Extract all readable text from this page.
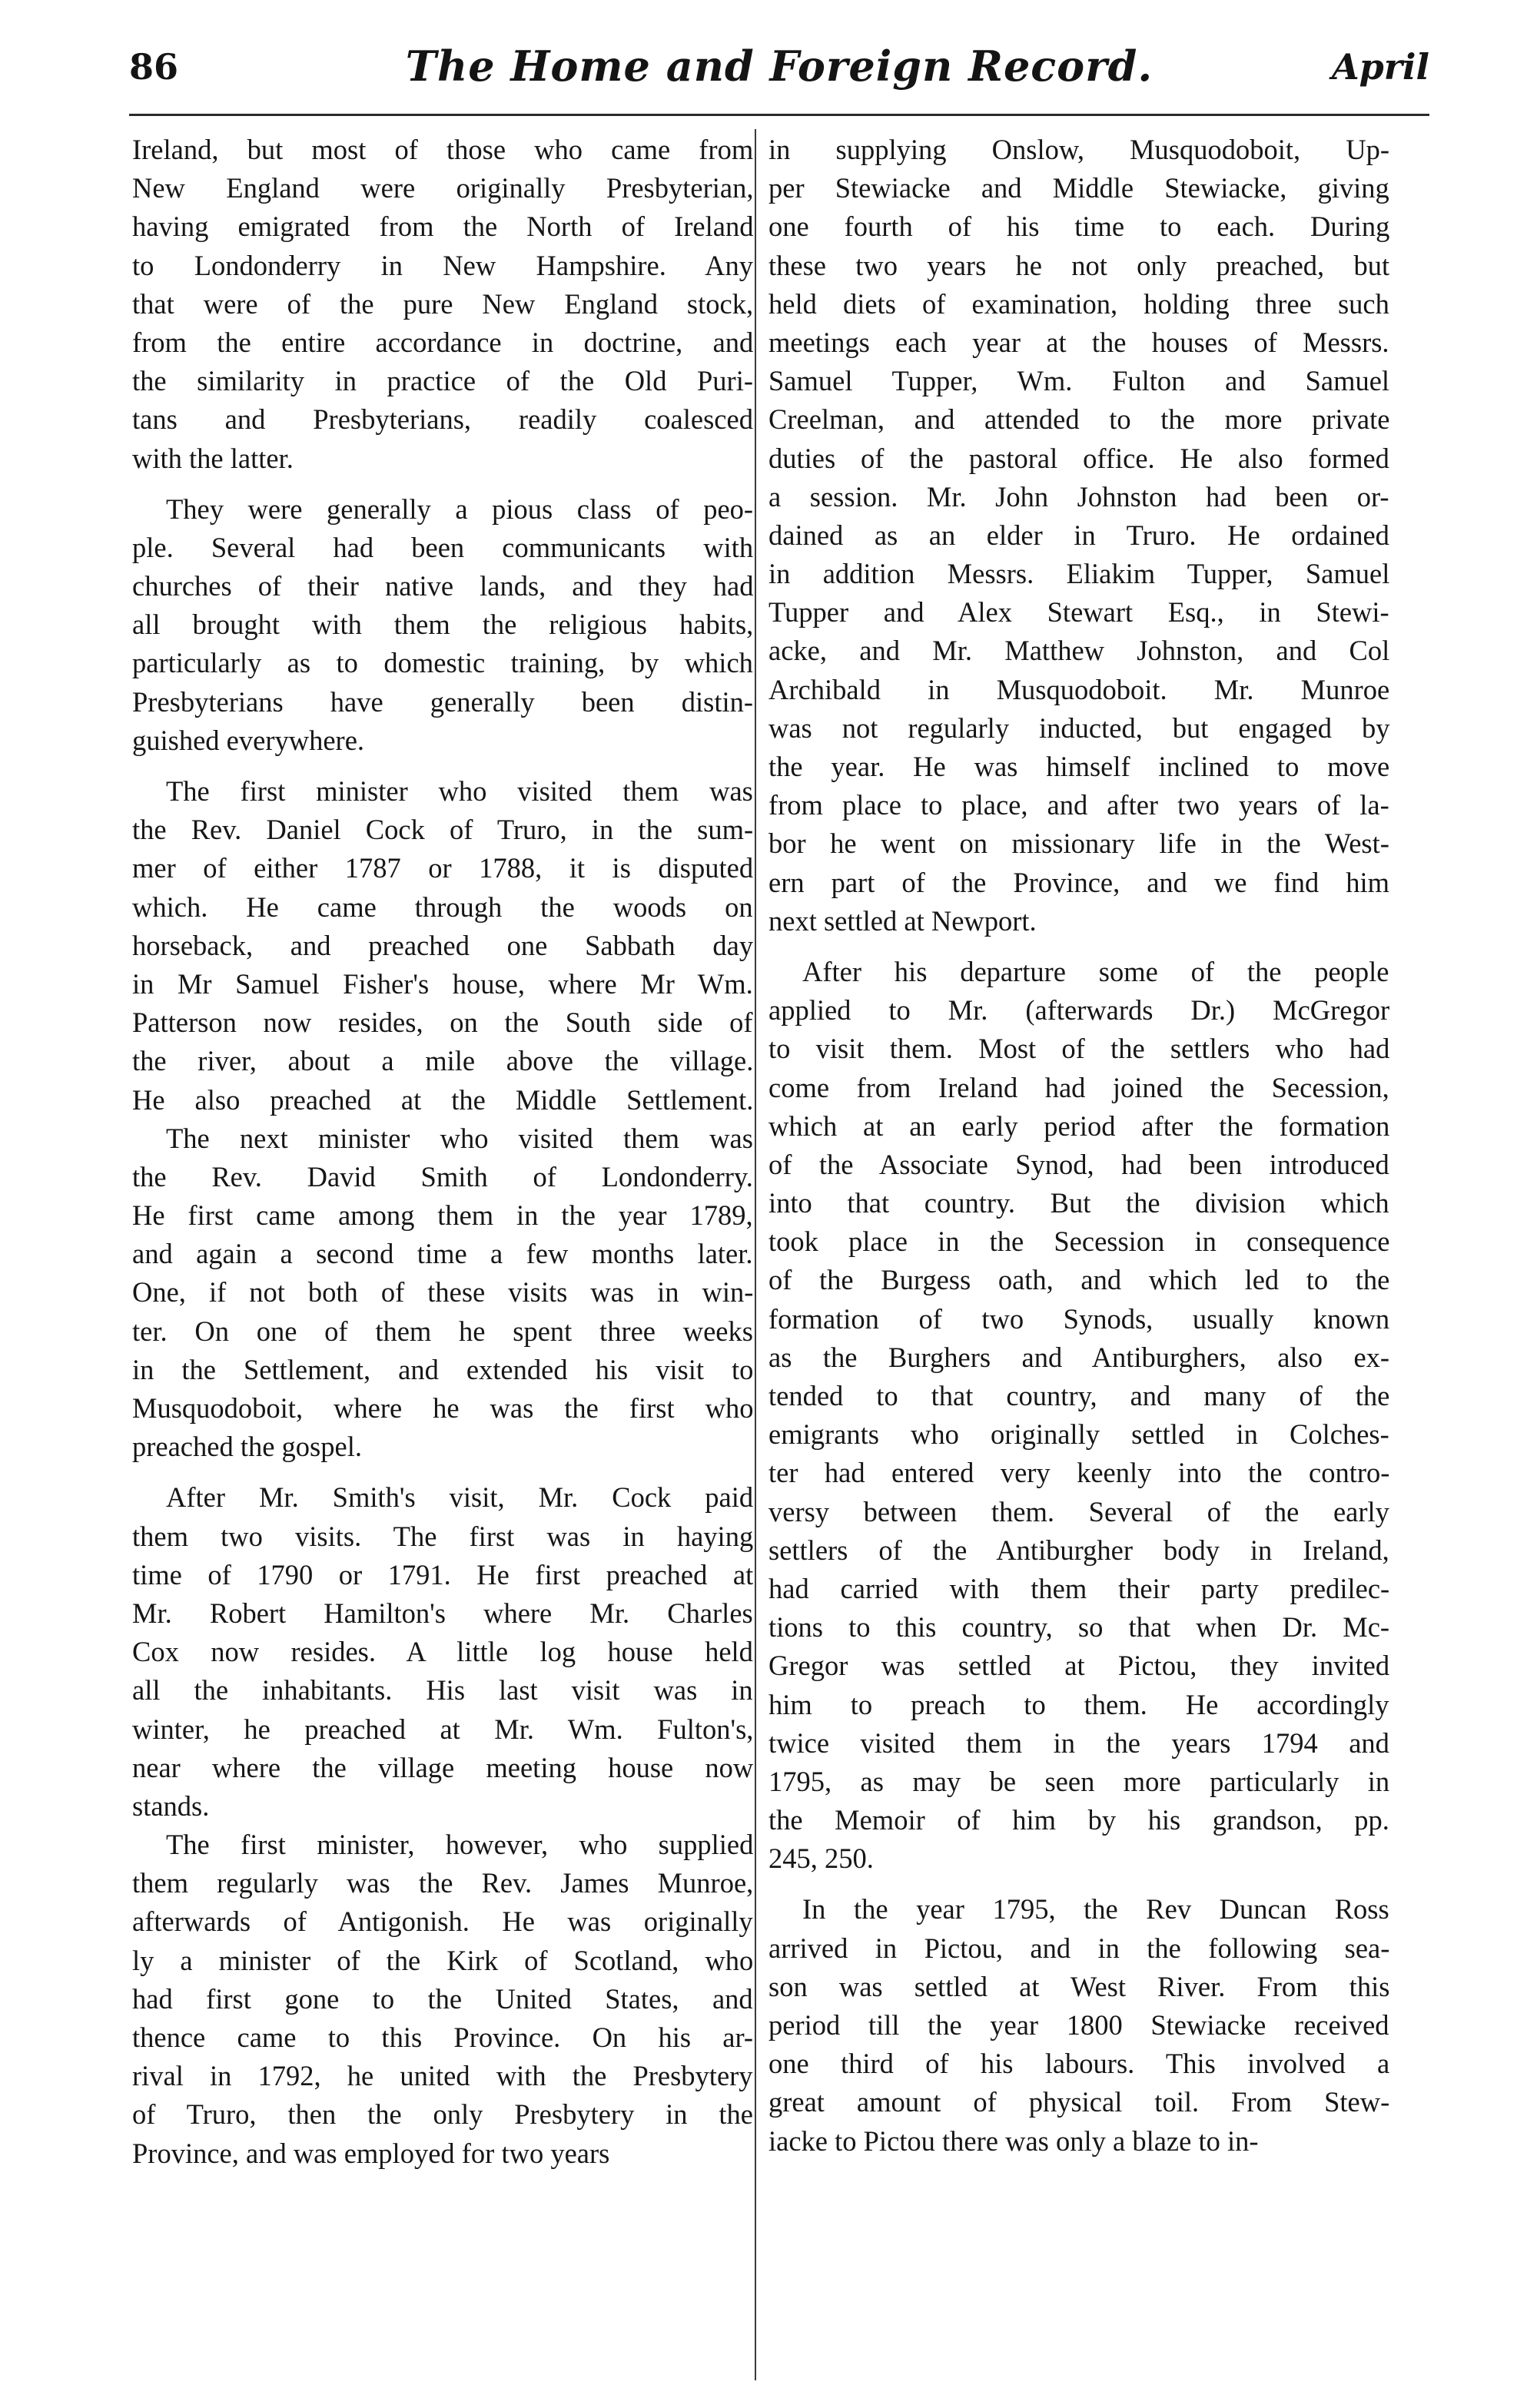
86	The Home and Foreign Record.	April
Ireland, but most of those who came from
New England were originally Presbyterian,
having emigrated from the North of Ireland
to Londonderry in New Hampshire. Any
that were of the pure New England stock,
from the entire accordance in doctrine, and
the similarity in practice of the Old Puri-
tans and Presbyterians, readily coalesced
with the latter.
They were generally a pious class of peo-
ple. Several had been communicants with
churches of their native lands, and they had
all brought with them the religious habits,
particularly as to domestic training, by which
Presbyterians have generally been distin-
guished everywhere.
The first minister who visited them was
the Rev. Daniel Cock of Truro, in the sum-
mer of either 1787 or 1788, it is disputed
which. He came through the woods on
horseback, and preached one Sabbath day
in Mr Samuel Fisher's house, where Mr Wm.
Patterson now resides, on the South side of
the river, about a mile above the village.
He also preached at the Middle Settlement.
The next minister who visited them was
the Rev. David Smith of Londonderry.
He first came among them in the year 1789,
and again a second time a few months later.
One, if not both of these visits was in win-
ter. On one of them he spent three weeks
in the Settlement, and extended his visit to
Musquodoboit, where he was the first who
preached the gospel.
After Mr. Smith's visit, Mr. Cock paid
them two visits. The first was in haying
time of 1790 or 1791. He first preached at
Mr. Robert Hamilton's where Mr. Charles
Cox now resides. A little log house held
all the inhabitants. His last visit was in
winter, he preached at Mr. Wm. Fulton's,
near where the village meeting house now
stands.
The first minister, however, who supplied
them regularly was the Rev. James Munroe,
afterwards of Antigonish. He was originally
ly a minister of the Kirk of Scotland, who
had first gone to the United States, and
thence came to this Province. On his ar-
rival in 1792, he united with the Presbytery
of Truro, then the only Presbytery in the
Province, and was employed for two years
in supplying Onslow, Musquodoboit, Up-
per Stewiacke and Middle Stewiacke, giving
one fourth of his time to each. During
these two years he not only preached, but
held diets of examination, holding three such
meetings each year at the houses of Messrs.
Samuel Tupper, Wm. Fulton and Samuel
Creelman, and attended to the more private
duties of the pastoral office. He also formed
a session. Mr. John Johnston had been or-
dained as an elder in Truro. He ordained
in addition Messrs. Eliakim Tupper, Samuel
Tupper and Alex Stewart Esq., in Stewi-
acke, and Mr. Matthew Johnston, and Col
Archibald in Musquodoboit. Mr. Munroe
was not regularly inducted, but engaged by
the year. He was himself inclined to move
from place to place, and after two years of la-
bor he went on missionary life in the West-
ern part of the Province, and we find him
next settled at Newport.
After his departure some of the people
applied to Mr. (afterwards Dr.) McGregor
to visit them. Most of the settlers who had
come from Ireland had joined the Secession,
which at an early period after the formation
of the Associate Synod, had been introduced
into that country. But the division which
took place in the Secession in consequence
of the Burgess oath, and which led to the
formation of two Synods, usually known
as the Burghers and Antiburghers, also ex-
tended to that country, and many of the
emigrants who originally settled in Colches-
ter had entered very keenly into the contro-
versy between them. Several of the early
settlers of the Antiburgher body in Ireland,
had carried with them their party predilec-
tions to this country, so that when Dr. Mc-
Gregor was settled at Pictou, they invited
him to preach to them. He accordingly
twice visited them in the years 1794 and
1795, as may be seen more particularly in
the Memoir of him by his grandson, pp.
245, 250.
In the year 1795, the Rev Duncan Ross
arrived in Pictou, and in the following sea-
son was settled at West River. From this
period till the year 1800 Stewiacke received
one third of his labours. This involved a
great amount of physical toil. From Stew-
iacke to Pictou there was only a blaze to in-
